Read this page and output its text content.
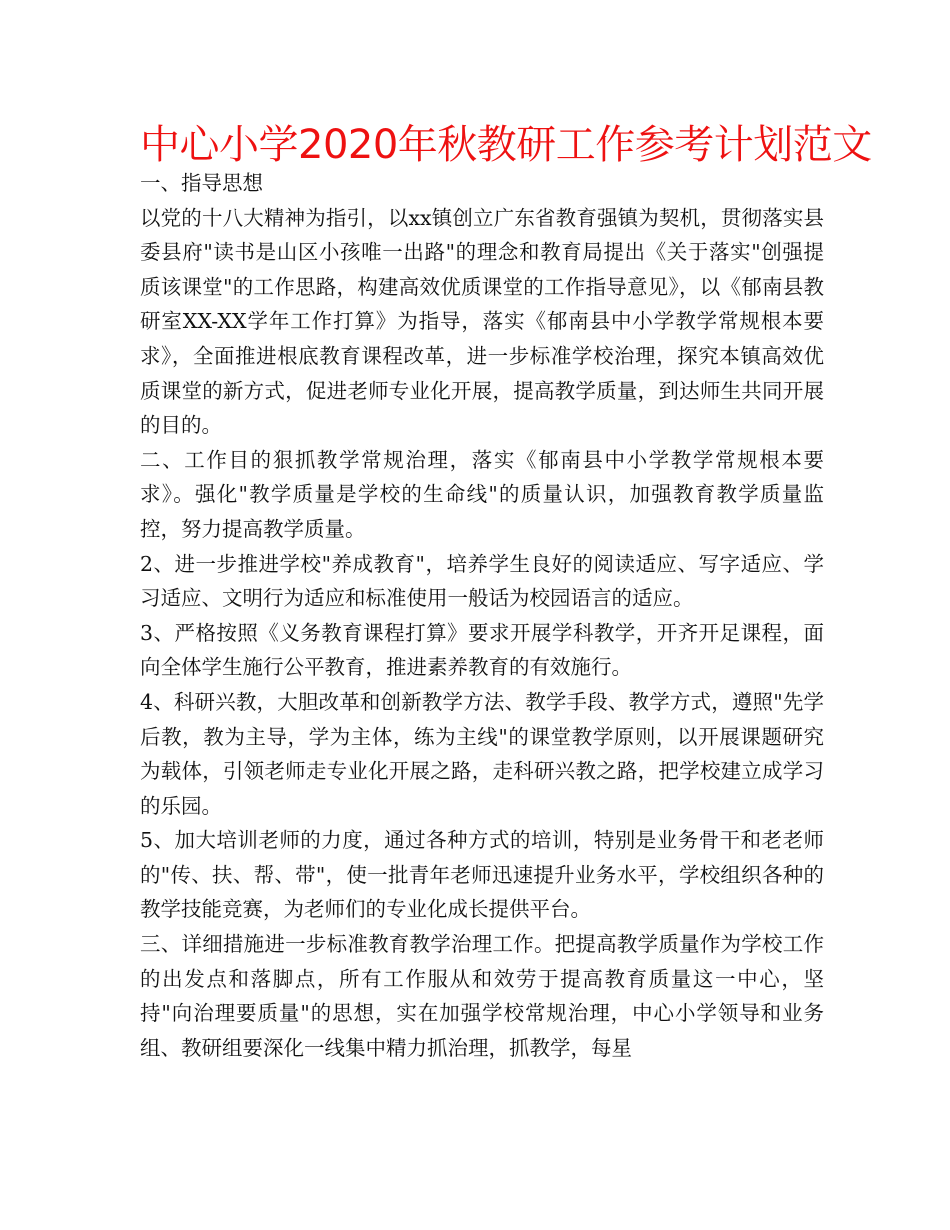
中心小学2020年秋教研工作参考计划范文

一、指导思想

以党的十八大精神为指引，以xx镇创立广东省教育强镇为契机，贯彻落实县委县府"读书是山区小孩唯一出路"的理念和教育局提出《关于落实"创强提质该课堂"的工作思路，构建高效优质课堂的工作指导意见》，以《郁南县教研室XX-XX学年工作打算》为指导，落实《郁南县中小学教学常规根本要求》，全面推进根底教育课程改革，进一步标准学校治理，探究本镇高效优质课堂的新方式，促进老师专业化开展，提高教学质量，到达师生共同开展的目的。

二、工作目的狠抓教学常规治理，落实《郁南县中小学教学常规根本要求》。强化"教学质量是学校的生命线"的质量认识，加强教育教学质量监控，努力提高教学质量。

2、进一步推进学校"养成教育"，培养学生良好的阅读适应、写字适应、学习适应、文明行为适应和标准使用一般话为校园语言的适应。

3、严格按照《义务教育课程打算》要求开展学科教学，开齐开足课程，面向全体学生施行公平教育，推进素养教育的有效施行。

4、科研兴教，大胆改革和创新教学方法、教学手段、教学方式，遵照"先学后教，教为主导，学为主体，练为主线"的课堂教学原则，以开展课题研究为载体，引领老师走专业化开展之路，走科研兴教之路，把学校建立成学习的乐园。

5、加大培训老师的力度，通过各种方式的培训，特别是业务骨干和老老师的"传、扶、帮、带"，使一批青年老师迅速提升业务水平，学校组织各种的教学技能竞赛，为老师们的专业化成长提供平台。

三、详细措施进一步标准教育教学治理工作。把提高教学质量作为学校工作的出发点和落脚点，所有工作服从和效劳于提高教育质量这一中心，坚持"向治理要质量"的思想，实在加强学校常规治理，中心小学领导和业务组、教研组要深化一线集中精力抓治理，抓教学，每星
